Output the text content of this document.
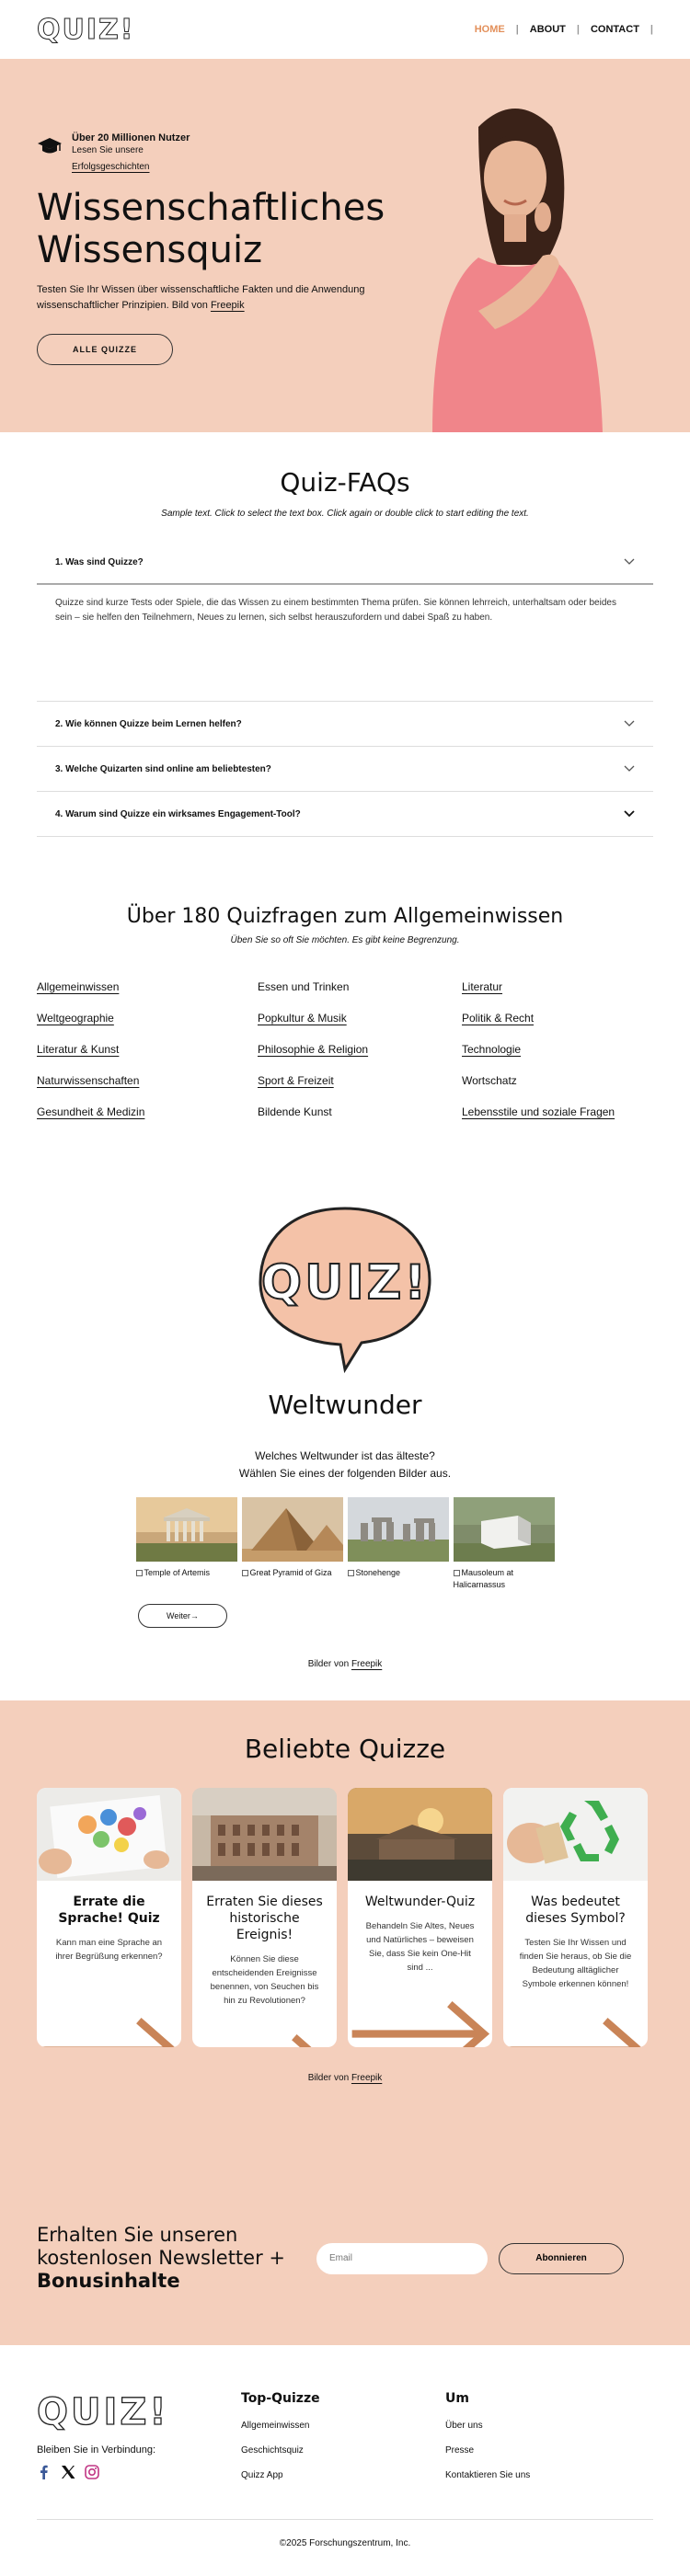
QUIZ!	HOME	|	ABOUT	|	CONTACT	|
Über 20 Millionen Nutzer
Lesen Sie unsere
Erfolgsgeschichten
Wissenschaftliches
Wissensquiz

Testen Sie Ihr Wissen über wissenschaftliche Fakten und die Anwendung wissenschaftlicher Prinzipien. Bild von Freepik

ALLE QUIZZE
Quiz-FAQs

Sample text. Click to select the text box. Click again or double click to start editing the text.

1. Was sind Quizze?
Quizze sind kurze Tests oder Spiele, die das Wissen zu einem bestimmten Thema prüfen. Sie können lehrreich, unterhaltsam oder beides sein – sie helfen den Teilnehmern, Neues zu lernen, sich selbst herauszufordern und dabei Spaß zu haben.
2. Wie können Quizze beim Lernen helfen?
3. Welche Quizarten sind online am beliebtesten?
4. Warum sind Quizze ein wirksames Engagement-Tool?
Über 180 Quizfragen zum Allgemeinwissen

Üben Sie so oft Sie möchten. Es gibt keine Begrenzung.

Allgemeinwissen	Essen und Trinken	Literatur
Weltgeographie	Popkultur & Musik	Politik & Recht
Literatur & Kunst	Philosophie & Religion	Technologie
Naturwissenschaften	Sport & Freizeit	Wortschatz
Gesundheit & Medizin	Bildende Kunst	Lebensstile und soziale Fragen
QUIZ!
Weltwunder

Welches Weltwunder ist das älteste?
Wählen Sie eines der folgenden Bilder aus.

Temple of Artemis	Great Pyramid of Giza	Stonehenge	Mausoleum at Halicarnassus
Weiter→

Bilder von Freepik

Beliebte Quizze
Errate die Sprache! Quiz

Kann man eine Sprache an ihrer Begrüßung erkennen?

Erraten Sie dieses historische Ereignis!

Können Sie diese entscheidenden Ereignisse benennen, von Seuchen bis hin zu Revolutionen?

Weltwunder-Quiz

Behandeln Sie Altes, Neues und Natürliches – beweisen Sie, dass Sie kein One-Hit sind ...

Was bedeutet dieses Symbol?

Testen Sie Ihr Wissen und finden Sie heraus, ob Sie die Bedeutung alltäglicher Symbole erkennen können!

Bilder von Freepik

Erhalten Sie unseren
kostenlosen Newsletter +
Bonusinhalte
Email
Abonnieren
QUIZ!
Bleiben Sie in Verbindung:
Top-Quizze
Allgemeinwissen
Geschichtsquiz
Quizz App
Um
Über uns
Presse
Kontaktieren Sie uns
©2025 Forschungszentrum, Inc.
